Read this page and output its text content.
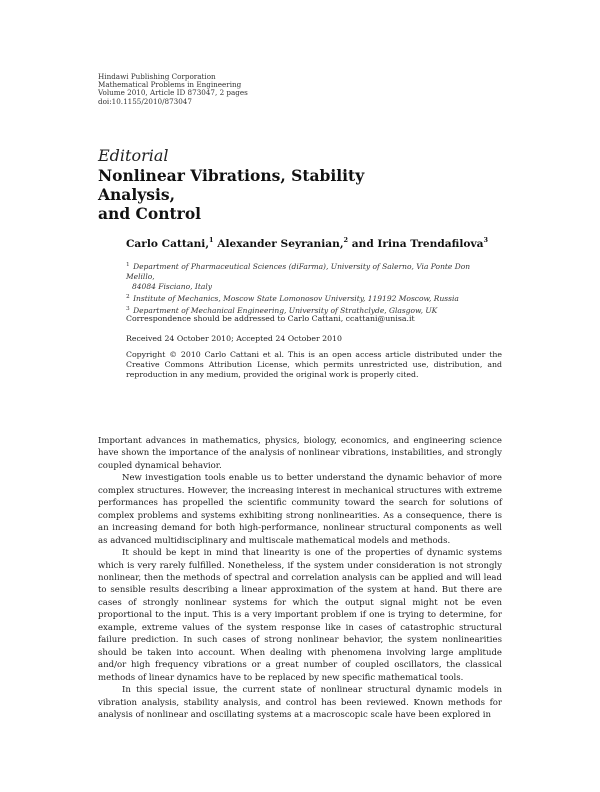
Hindawi Publishing Corporation
Mathematical Problems in Engineering
Volume 2010, Article ID 873047, 2 pages
doi:10.1155/2010/873047
Editorial
Nonlinear Vibrations, Stability Analysis,
and Control
Carlo Cattani,$^1$ Alexander Seyranian,$^2$ and Irina Trendafilova$^3$
$^1$ Department of Pharmaceutical Sciences (diFarma), University of Salerno, Via Ponte Don Melillo,
84084 Fisciano, Italy
$^2$ Institute of Mechanics, Moscow State Lomonosov University, 119192 Moscow, Russia
$^3$ Department of Mechanical Engineering, University of Strathclyde, Glasgow, UK
Correspondence should be addressed to Carlo Cattani, ccattani@unisa.it
Received 24 October 2010; Accepted 24 October 2010
Copyright © 2010 Carlo Cattani et al. This is an open access article distributed under the Creative Commons Attribution License, which permits unrestricted use, distribution, and reproduction in any medium, provided the original work is properly cited.

Important advances in mathematics, physics, biology, economics, and engineering science have shown the importance of the analysis of nonlinear vibrations, instabilities, and strongly coupled dynamical behavior.

New investigation tools enable us to better understand the dynamic behavior of more complex structures. However, the increasing interest in mechanical structures with extreme performances has propelled the scientific community toward the search for solutions of complex problems and systems exhibiting strong nonlinearities. As a consequence, there is an increasing demand for both high-performance, nonlinear structural components as well as advanced multidisciplinary and multiscale mathematical models and methods.

It should be kept in mind that linearity is one of the properties of dynamic systems which is very rarely fulfilled. Nonetheless, if the system under consideration is not strongly nonlinear, then the methods of spectral and correlation analysis can be applied and will lead to sensible results describing a linear approximation of the system at hand. But there are cases of strongly nonlinear systems for which the output signal might not be even proportional to the input. This is a very important problem if one is trying to determine, for example, extreme values of the system response like in cases of catastrophic structural failure prediction. In such cases of strong nonlinear behavior, the system nonlinearities should be taken into account. When dealing with phenomena involving large amplitude and/or high frequency vibrations or a great number of coupled oscillators, the classical methods of linear dynamics have to be replaced by new specific mathematical tools.

In this special issue, the current state of nonlinear structural dynamic models in vibration analysis, stability analysis, and control has been reviewed. Known methods for analysis of nonlinear and oscillating systems at a macroscopic scale have been explored in
